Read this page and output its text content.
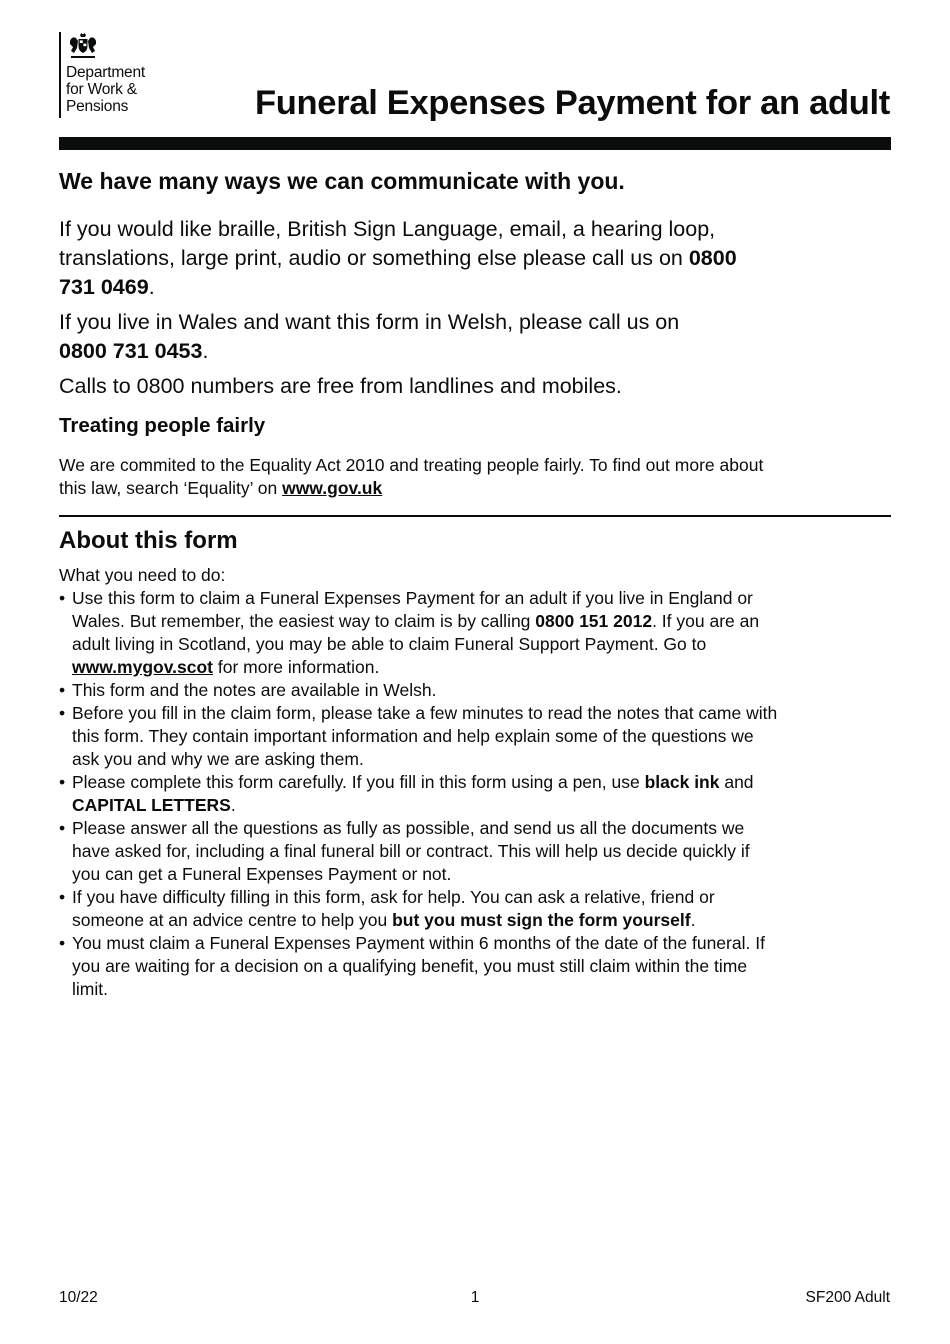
Department
for Work &
Pensions	Funeral Expenses Payment for an adult
We have many ways we can communicate with you.

If you would like braille, British Sign Language, email, a hearing loop, translations, large print, audio or something else please call us on 0800 731 0469.

If you live in Wales and want this form in Welsh, please call us on 0800 731 0453.

Calls to 0800 numbers are free from landlines and mobiles.

Treating people fairly

We are commited to the Equality Act 2010 and treating people fairly. To find out more about this law, search ‘Equality’ on www.gov.uk

About this form

What you need to do:

• Use this form to claim a Funeral Expenses Payment for an adult if you live in England or Wales. But remember, the easiest way to claim is by calling 0800 151 2012. If you are an adult living in Scotland, you may be able to claim Funeral Support Payment. Go to www.mygov.scot for more information.
• This form and the notes are available in Welsh.
• Before you fill in the claim form, please take a few minutes to read the notes that came with this form. They contain important information and help explain some of the questions we ask you and why we are asking them.
• Please complete this form carefully. If you fill in this form using a pen, use black ink and CAPITAL LETTERS.
• Please answer all the questions as fully as possible, and send us all the documents we have asked for, including a final funeral bill or contract. This will help us decide quickly if you can get a Funeral Expenses Payment or not.
• If you have difficulty filling in this form, ask for help. You can ask a relative, friend or someone at an advice centre to help you but you must sign the form yourself.
• You must claim a Funeral Expenses Payment within 6 months of the date of the funeral. If you are waiting for a decision on a qualifying benefit, you must still claim within the time limit.
10/22	1	SF200 Adult
